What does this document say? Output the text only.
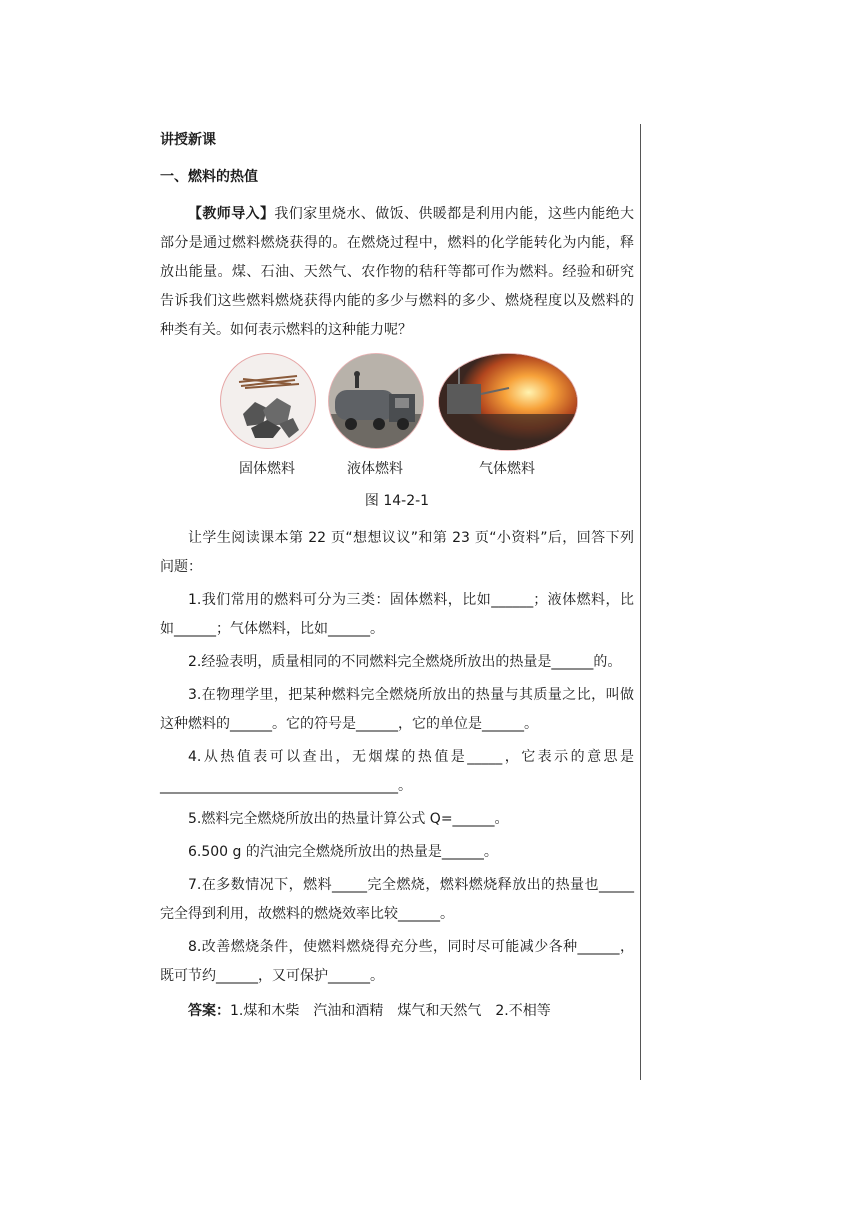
讲授新课
一、燃料的热值
【教师导入】我们家里烧水、做饭、供暖都是利用内能，这些内能绝大部分是通过燃料燃烧获得的。在燃烧过程中，燃料的化学能转化为内能，释放出能量。煤、石油、天然气、农作物的秸秆等都可作为燃料。经验和研究告诉我们这些燃料燃烧获得内能的多少与燃料的多少、燃烧程度以及燃料的种类有关。如何表示燃料的这种能力呢？
固体燃料	液体燃料	气体燃料
图 14-2-1
让学生阅读课本第 22 页“想想议议”和第 23 页“小资料”后，回答下列问题：
1.我们常用的燃料可分为三类：固体燃料，比如______；液体燃料，比如______；气体燃料，比如______。
2.经验表明，质量相同的不同燃料完全燃烧所放出的热量是______的。
3.在物理学里，把某种燃料完全燃烧所放出的热量与其质量之比，叫做这种燃料的______。它的符号是______，它的单位是______。
4.从热值表可以查出，无烟煤的热值是_____，它表示的意思是__________________________________。
5.燃料完全燃烧所放出的热量计算公式 Q=______。
6.500 g 的汽油完全燃烧所放出的热量是______。
7.在多数情况下，燃料_____完全燃烧，燃料燃烧释放出的热量也_____完全得到利用，故燃料的燃烧效率比较______。
8.改善燃烧条件，使燃料燃烧得充分些，同时尽可能减少各种______，既可节约______，又可保护______。
答案：1.煤和木柴　汽油和酒精　煤气和天然气　2.不相等
